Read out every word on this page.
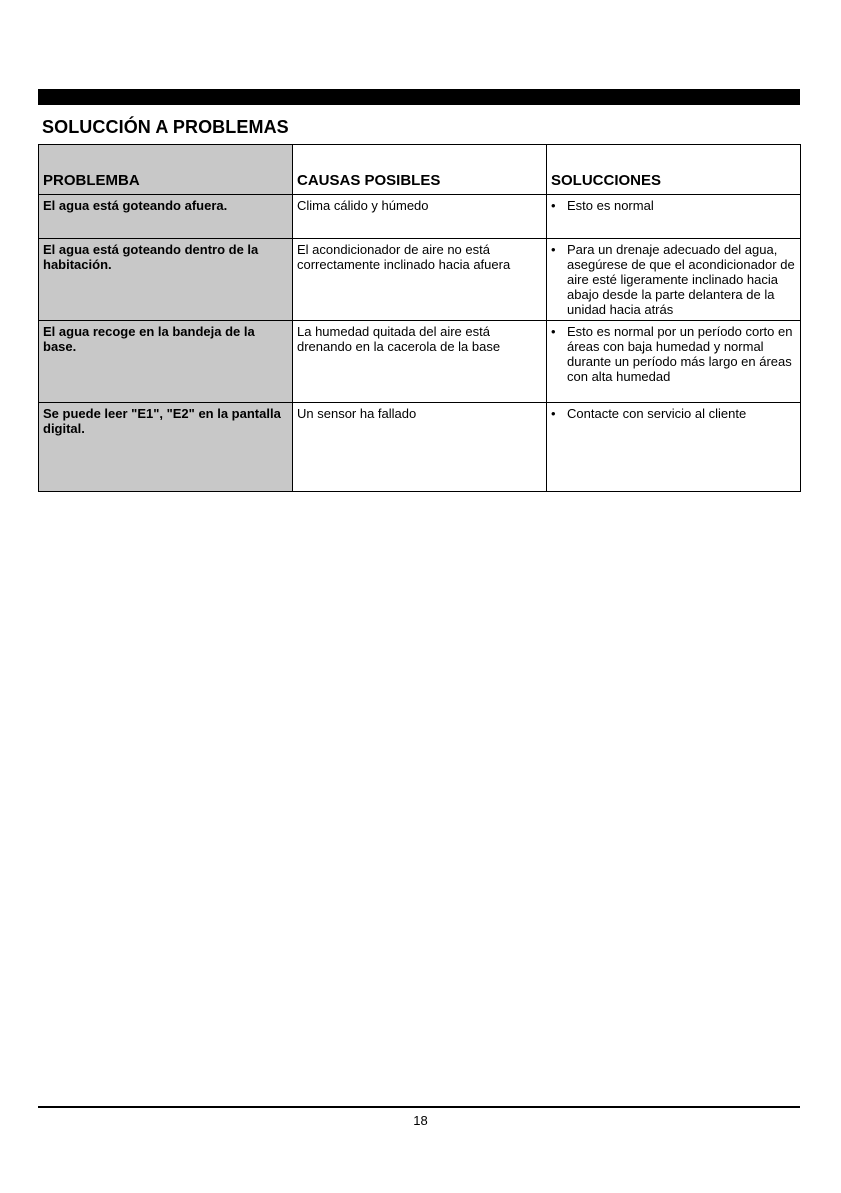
SOLUCCIÓN A PROBLEMAS
PROBLEMBA	CAUSAS POSIBLES	SOLUCCIONES
El agua está goteando afuera.	Clima cálido y húmedo	• Esto es normal

El agua está goteando dentro de la habitación.	El acondicionador de aire no está correctamente inclinado hacia afuera	• Para un drenaje adecuado del agua, asegúrese de que el acondicionador de aire esté ligeramente inclinado hacia abajo desde la parte delantera de la unidad hacia atrás

El agua recoge en la bandeja de la base.	La humedad quitada del aire está drenando en la cacerola de la base	• Esto es normal por un período corto en áreas con baja humedad y normal durante un período más largo en áreas con alta humedad

Se puede leer "E1", "E2" en la pantalla digital.	Un sensor ha fallado	• Contacte con servicio al cliente
18
